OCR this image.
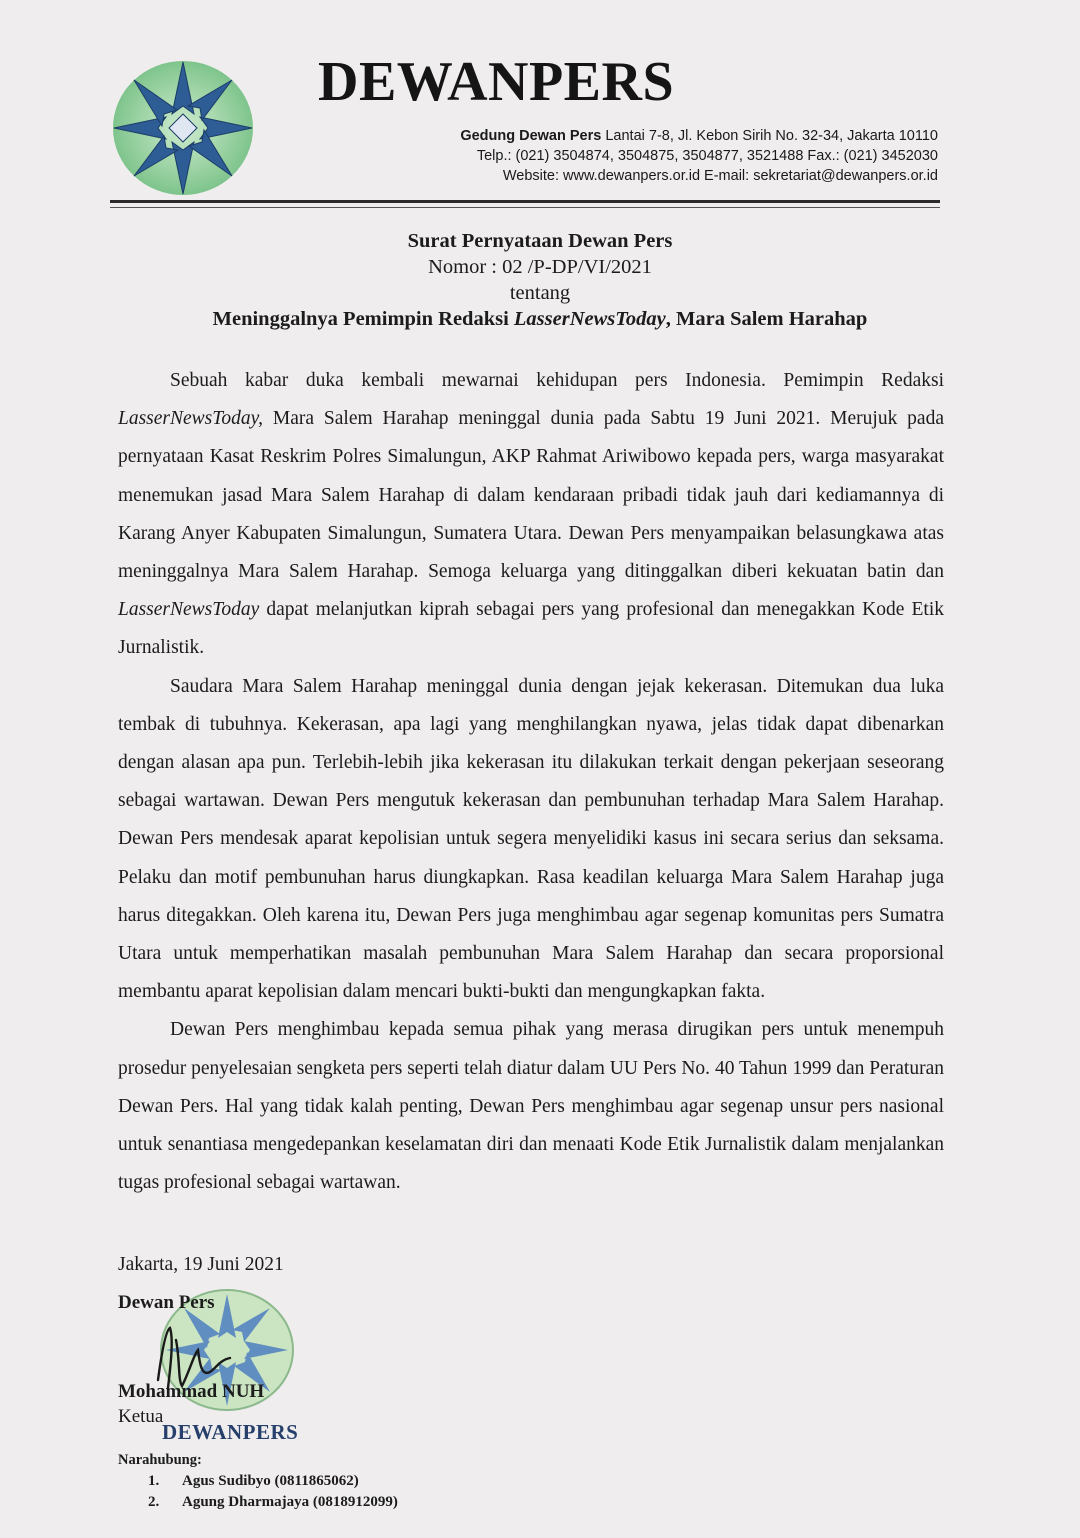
DEWANPERS
Gedung Dewan Pers Lantai 7-8, Jl. Kebon Sirih No. 32-34, Jakarta 10110
Telp.: (021) 3504874, 3504875, 3504877, 3521488 Fax.: (021) 3452030
Website: www.dewanpers.or.id E-mail: sekretariat@dewanpers.or.id
Surat Pernyataan Dewan Pers
Nomor : 02 /P-DP/VI/2021
tentang
Meninggalnya Pemimpin Redaksi LasserNewsToday, Mara Salem Harahap

Sebuah kabar duka kembali mewarnai kehidupan pers Indonesia. Pemimpin Redaksi LasserNewsToday, Mara Salem Harahap meninggal dunia pada Sabtu 19 Juni 2021. Merujuk pada pernyataan Kasat Reskrim Polres Simalungun, AKP Rahmat Ariwibowo kepada pers, warga masyarakat menemukan jasad Mara Salem Harahap di dalam kendaraan pribadi tidak jauh dari kediamannya di Karang Anyer Kabupaten Simalungun, Sumatera Utara. Dewan Pers menyampaikan belasungkawa atas meninggalnya Mara Salem Harahap. Semoga keluarga yang ditinggalkan diberi kekuatan batin dan LasserNewsToday dapat melanjutkan kiprah sebagai pers yang profesional dan menegakkan Kode Etik Jurnalistik.

Saudara Mara Salem Harahap meninggal dunia dengan jejak kekerasan. Ditemukan dua luka tembak di tubuhnya. Kekerasan, apa lagi yang menghilangkan nyawa, jelas tidak dapat dibenarkan dengan alasan apa pun. Terlebih-lebih jika kekerasan itu dilakukan terkait dengan pekerjaan seseorang sebagai wartawan. Dewan Pers mengutuk kekerasan dan pembunuhan terhadap Mara Salem Harahap. Dewan Pers mendesak aparat kepolisian untuk segera menyelidiki kasus ini secara serius dan seksama. Pelaku dan motif pembunuhan harus diungkapkan. Rasa keadilan keluarga Mara Salem Harahap juga harus ditegakkan. Oleh karena itu, Dewan Pers juga menghimbau agar segenap komunitas pers Sumatra Utara untuk memperhatikan masalah pembunuhan Mara Salem Harahap dan secara proporsional membantu aparat kepolisian dalam mencari bukti-bukti dan mengungkapkan fakta.

Dewan Pers menghimbau kepada semua pihak yang merasa dirugikan pers untuk menempuh prosedur penyelesaian sengketa pers seperti telah diatur dalam UU Pers No. 40 Tahun 1999 dan Peraturan Dewan Pers. Hal yang tidak kalah penting, Dewan Pers menghimbau agar segenap unsur pers nasional untuk senantiasa mengedepankan keselamatan diri dan menaati Kode Etik Jurnalistik dalam menjalankan tugas profesional sebagai wartawan.

Jakarta, 19 Juni 2021
Dewan Pers
Mohammad NUH
Ketua
DEWANPERS
Narahubung:
1. Agus Sudibyo (0811865062)
2. Agung Dharmajaya (0818912099)
